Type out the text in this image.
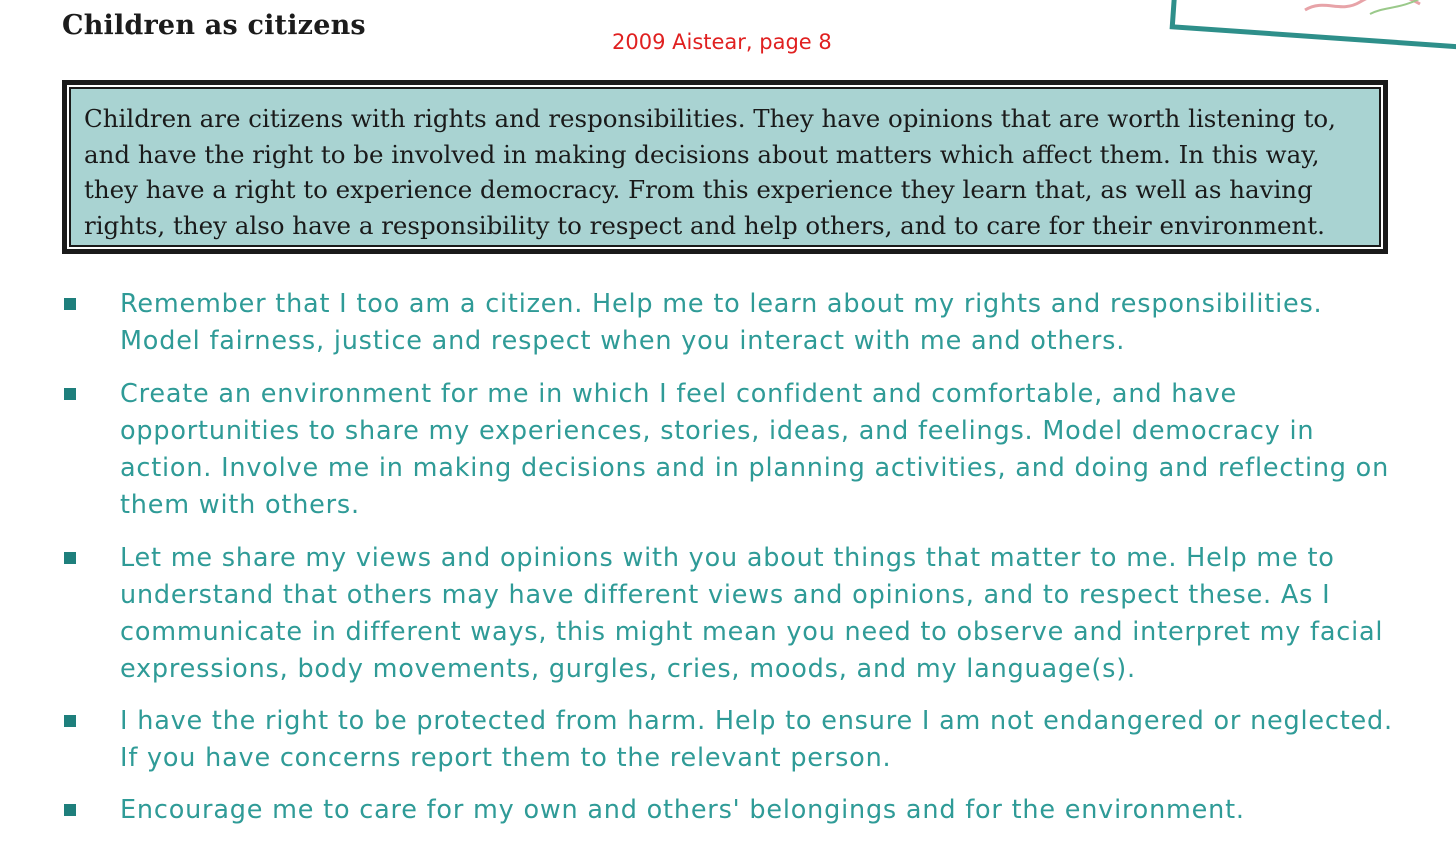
Children as citizens

2009 Aistear, page 8

Children are citizens with rights and responsibilities. They have opinions that are worth listening to, and have the right to be involved in making decisions about matters which affect them. In this way, they have a right to experience democracy. From this experience they learn that, as well as having rights, they also have a responsibility to respect and help others, and to care for their environment.

Remember that I too am a citizen. Help me to learn about my rights and responsibilities. Model fairness, justice and respect when you interact with me and others.

Create an environment for me in which I feel confident and comfortable, and have opportunities to share my experiences, stories, ideas, and feelings. Model democracy in action. Involve me in making decisions and in planning activities, and doing and reflecting on them with others.

Let me share my views and opinions with you about things that matter to me. Help me to understand that others may have different views and opinions, and to respect these. As I communicate in different ways, this might mean you need to observe and interpret my facial expressions, body movements, gurgles, cries, moods, and my language(s).

I have the right to be protected from harm. Help to ensure I am not endangered or neglected. If you have concerns report them to the relevant person.

Encourage me to care for my own and others' belongings and for the environment.
